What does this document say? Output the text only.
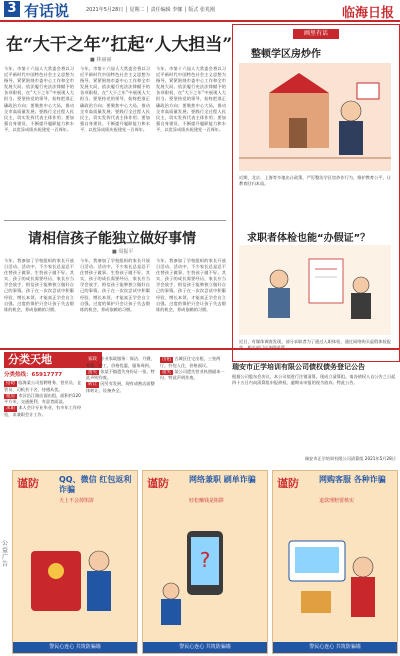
3 有话说	2021年5月28日 │ 星期二 │ 责任编辑 李娜 │ 版式 张兆刚	临海日报
在“大干之年”扛起“人大担当”
■ 林丽丽
今年，市第十六届人大常委会将以习近平新时代中国特色社会主义思想为指导，紧紧围绕市委中心工作和全市发展大局，依法履行宪法法律赋予的各项职权，在“大干之年”中展现人大担当。要坚持党的领导，始终把准正确政治方向；要聚焦中心大局，推动全市高质量发展；要践行全过程人民民主，切实发挥代表主体作用；要加强自身建设，不断提升履职能力和水平，以优异成绩庆祝建党一百周年。
今年，市第十六届人大常委会将以习近平新时代中国特色社会主义思想为指导，紧紧围绕市委中心工作和全市发展大局，依法履行宪法法律赋予的各项职权，在“大干之年”中展现人大担当。要坚持党的领导，始终把准正确政治方向；要聚焦中心大局，推动全市高质量发展；要践行全过程人民民主，切实发挥代表主体作用；要加强自身建设，不断提升履职能力和水平，以优异成绩庆祝建党一百周年。
今年，市第十六届人大常委会将以习近平新时代中国特色社会主义思想为指导，紧紧围绕市委中心工作和全市发展大局，依法履行宪法法律赋予的各项职权，在“大干之年”中展现人大担当。要坚持党的领导，始终把准正确政治方向；要聚焦中心大局，推动全市高质量发展；要践行全过程人民民主，切实发挥代表主体作用；要加强自身建设，不断提升履职能力和水平，以优异成绩庆祝建党一百周年。
请相信孩子能独立做好事情
■ 周振平
今年，我参加了学校组织的家长开放日活动。活动中，不少家长总是忍不住替孩子做事，生怕孩子做不好。其实，孩子的成长需要经历，家长应当学会放手，相信孩子能够独立做好自己的事情。孩子在一次次尝试中积累经验、增长本领，才能真正学会自立自强。过度的保护只会让孩子失去锻炼的机会，养成依赖的习惯。
今年，我参加了学校组织的家长开放日活动。活动中，不少家长总是忍不住替孩子做事，生怕孩子做不好。其实，孩子的成长需要经历，家长应当学会放手，相信孩子能够独立做好自己的事情。孩子在一次次尝试中积累经验、增长本领，才能真正学会自立自强。过度的保护只会让孩子失去锻炼的机会，养成依赖的习惯。
今年，我参加了学校组织的家长开放日活动。活动中，不少家长总是忍不住替孩子做事，生怕孩子做不好。其实，孩子的成长需要经历，家长应当学会放手，相信孩子能够独立做好自己的事情。孩子在一次次尝试中积累经验、增长本领，才能真正学会自立自强。过度的保护只会让孩子失去锻炼的机会，养成依赖的习惯。
画里有话
整顿学区房炒作
近期，北京、上海等多地出台政策，严厉整治学区房炒作行为，维护教育公平，让教育回归本质。
求职者体检也能“办假证”？
近日，有媒体调查发现，部分求职者为了通过入职体检，通过网络购买虚假体检报
分类天地
分类热线：65917777
招聘 临海某公司招聘财务、营业员、仓管员、司机若干名，待遇从优。
租房 市区沿江路店面出租，面积约120平方米，交通便利，有意者面谈。
求职 本人会计专业毕业，有多年工作经验，求兼职会计工作。
家政 专业家政服务：保洁、月嫂、育婴、护工，价格优惠，服务周到。
遗失 张某不慎遗失身份证一张，特此声明作废。
转让 因另有发展，现有成熟店面整体转让，设备齐全。
出租 古城区住宅出租，三室两厅，拎包入住，价格面议。
遗失 某公司遗失营业执照副本一份，特此声明作废。
瑞安市正学培训有限公司债权债务登记公告
根据公司股东会决议，本公司拟进行注销清算，现成立清算组。请各债权人自公告之日起四十五日内向清算组申报债权，逾期未申报的视为放弃。特此公告。
瑞安市正学培训有限公司清算组 2021年5月28日
公益广告
谨防	QQ、微信 红包返利诈骗
天上不会掉馅饼
警民心连心 共筑防骗墙
谨防	网络兼职 刷单诈骗
轻松赚钱是陷阱
?
警民心连心 共筑防骗墙
谨防	网购客服 各种诈骗
退款理赔要核实
警民心连心 共筑防骗墙
